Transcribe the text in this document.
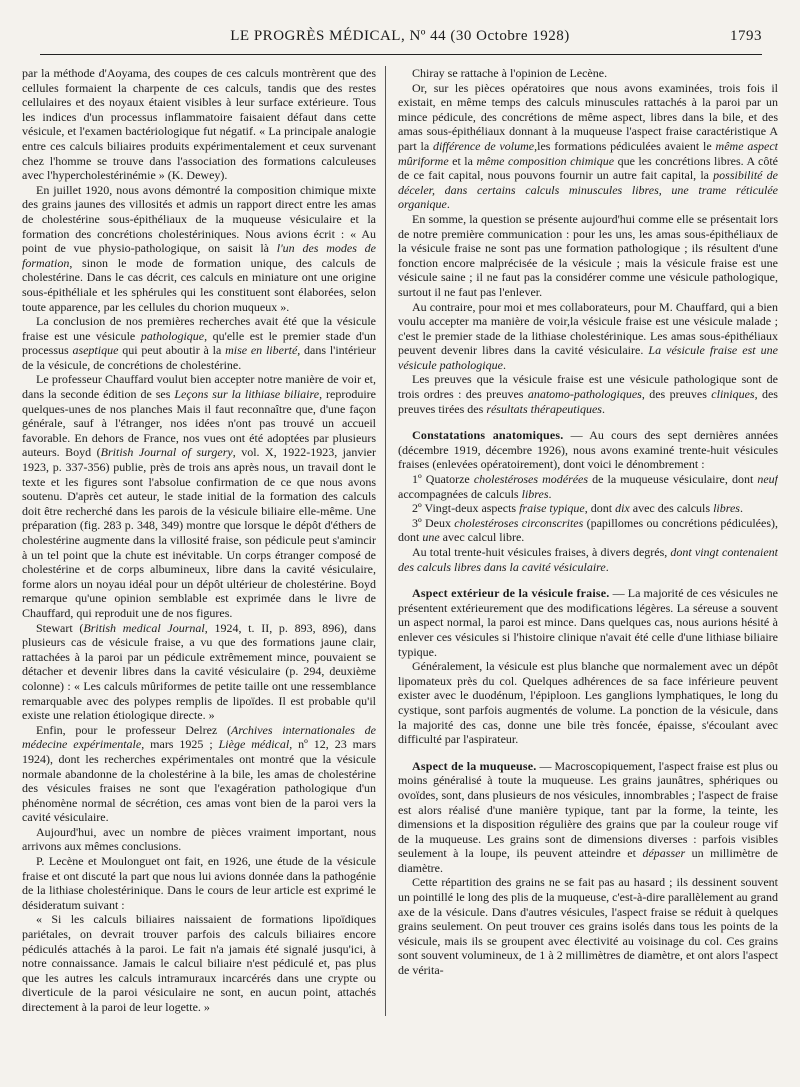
LE PROGRÈS MÉDICAL, Nº 44 (30 Octobre 1928)	1793

par la méthode d'Aoyama, des coupes de ces calculs montrèrent que des cellules formaient la charpente de ces calculs, tandis que des restes cellulaires et des noyaux étaient visibles à leur surface extérieure. Tous les indices d'un processus inflammatoire faisaient défaut dans cette vésicule, et l'examen bactériologique fut négatif. « La principale analogie entre ces calculs biliaires produits expérimentalement et ceux survenant chez l'homme se trouve dans l'association des formations calculeuses avec l'hypercholestérinémie » (K. Dewey).

En juillet 1920, nous avons démontré la composition chimique mixte des grains jaunes des villosités et admis un rapport direct entre les amas de cholestérine sous-épithéliaux de la muqueuse vésiculaire et la formation des concrétions cholestériniques. Nous avions écrit : « Au point de vue physio-pathologique, on saisit là l'un des modes de formation, sinon le mode de formation unique, des calculs de cholestérine. Dans le cas décrit, ces calculs en miniature ont une origine sous-épithéliale et les sphérules qui les constituent sont élaborées, selon toute apparence, par les cellules du chorion muqueux ».

La conclusion de nos premières recherches avait été que la vésicule fraise est une vésicule pathologique, qu'elle est le premier stade d'un processus aseptique qui peut aboutir à la mise en liberté, dans l'intérieur de la vésicule, de concrétions de cholestérine.

Le professeur Chauffard voulut bien accepter notre manière de voir et, dans la seconde édition de ses Leçons sur la lithiase biliaire, reproduire quelques-unes de nos planches Mais il faut reconnaître que, d'une façon générale, sauf à l'étranger, nos idées n'ont pas trouvé un accueil favorable. En dehors de France, nos vues ont été adoptées par plusieurs auteurs. Boyd (British Journal of surgery, vol. X, 1922-1923, janvier 1923, p. 337-356) publie, près de trois ans après nous, un travail dont le texte et les figures sont l'absolue confirmation de ce que nous avons soutenu. D'après cet auteur, le stade initial de la formation des calculs doit être recherché dans les parois de la vésicule biliaire elle-même. Une préparation (fig. 283 p. 348, 349) montre que lorsque le dépôt d'éthers de cholestérine augmente dans la villosité fraise, son pédicule peut s'amincir à un tel point que la chute est inévitable. Un corps étranger composé de cholestérine et de corps albumineux, libre dans la cavité vésiculaire, forme alors un noyau idéal pour un dépôt ultérieur de cholestérine. Boyd remarque qu'une opinion semblable est exprimée dans le livre de Chauffard, qui reproduit une de nos figures.

Stewart (British medical Journal, 1924, t. II, p. 893, 896), dans plusieurs cas de vésicule fraise, a vu que des formations jaune clair, rattachées à la paroi par un pédicule extrêmement mince, pouvaient se détacher et devenir libres dans la cavité vésiculaire (p. 294, deuxième colonne) : « Les calculs mûriformes de petite taille ont une ressemblance remarquable avec des polypes remplis de lipoïdes. Il est probable qu'il existe une relation étiologique directe. »

Enfin, pour le professeur Delrez (Archives internationales de médecine expérimentale, mars 1925 ; Liège médical, nº 12, 23 mars 1924), dont les recherches expérimentales ont montré que la vésicule normale abandonne de la cholestérine à la bile, les amas de cholestérine des vésicules fraises ne sont que l'exagération pathologique d'un phénomène normal de sécrétion, ces amas vont bien de la paroi vers la cavité vésiculaire.

Aujourd'hui, avec un nombre de pièces vraiment important, nous arrivons aux mêmes conclusions.

P. Lecène et Moulonguet ont fait, en 1926, une étude de la vésicule fraise et ont discuté la part que nous lui avions donnée dans la pathogénie de la lithiase cholestérinique. Dans le cours de leur article est exprimé le désideratum suivant :

« Si les calculs biliaires naissaient de formations lipoïdiques pariétales, on devrait trouver parfois des calculs biliaires encore pédiculés attachés à la paroi. Le fait n'a jamais été signalé jusqu'ici, à notre connaissance. Jamais le calcul biliaire n'est pédiculé et, pas plus que les autres les calculs intramuraux incarcérés dans une crypte ou diverticule de la paroi vésiculaire ne sont, en aucun point, attachés directement à la paroi de leur logette. »

Chiray se rattache à l'opinion de Lecène.

Or, sur les pièces opératoires que nous avons examinées, trois fois il existait, en même temps des calculs minuscules rattachés à la paroi par un mince pédicule, des concrétions de même aspect, libres dans la bile, et des amas sous-épithéliaux donnant à la muqueuse l'aspect fraise caractéristique A part la différence de volume,les formations pédiculées avaient le même aspect mûriforme et la même composition chimique que les concrétions libres. A côté de ce fait capital, nous pouvons fournir un autre fait capital, la possibilité de déceler, dans certains calculs minuscules libres, une trame réticulée organique.

En somme, la question se présente aujourd'hui comme elle se présentait lors de notre première communication : pour les uns, les amas sous-épithéliaux de la vésicule fraise ne sont pas une formation pathologique ; ils résultent d'une fonction encore malprécisée de la vésicule ; mais la vésicule fraise est une vésicule saine ; il ne faut pas la considérer comme une vésicule pathologique, surtout il ne faut pas l'enlever.

Au contraire, pour moi et mes collaborateurs, pour M. Chauffard, qui a bien voulu accepter ma manière de voir,la vésicule fraise est une vésicule malade ; c'est le premier stade de la lithiase cholestérinique. Les amas sous-épithéliaux peuvent devenir libres dans la cavité vésiculaire. La vésicule fraise est une vésicule pathologique.

Les preuves que la vésicule fraise est une vésicule pathologique sont de trois ordres : des preuves anatomo-pathologiques, des preuves cliniques, des preuves tirées des résultats thérapeutiques.

Constatations anatomiques. — Au cours des sept dernières années (décembre 1919, décembre 1926), nous avons examiné trente-huit vésicules fraises (enlevées opératoirement), dont voici le dénombrement :

1º Quatorze cholestéroses modérées de la muqueuse vésiculaire, dont neuf accompagnées de calculs libres.

2º Vingt-deux aspects fraise typique, dont dix avec des calculs libres.

3º Deux cholestéroses circonscrites (papillomes ou concrétions pédiculées), dont une avec calcul libre.

Au total trente-huit vésicules fraises, à divers degrés, dont vingt contenaient des calculs libres dans la cavité vésiculaire.

Aspect extérieur de la vésicule fraise. — La majorité de ces vésicules ne présentent extérieurement que des modifications légères. La séreuse a souvent un aspect normal, la paroi est mince. Dans quelques cas, nous aurions hésité à enlever ces vésicules si l'histoire clinique n'avait été celle d'une lithiase biliaire typique.

Généralement, la vésicule est plus blanche que normalement avec un dépôt lipomateux près du col. Quelques adhérences de sa face inférieure peuvent exister avec le duodénum, l'épiploon. Les ganglions lymphatiques, le long du cystique, sont parfois augmentés de volume. La ponction de la vésicule, dans la majorité des cas, donne une bile très foncée, épaisse, s'écoulant avec difficulté par l'aspirateur.

Aspect de la muqueuse. — Macroscopiquement, l'aspect fraise est plus ou moins généralisé à toute la muqueuse. Les grains jaunâtres, sphériques ou ovoïdes, sont, dans plusieurs de nos vésicules, innombrables ; l'aspect de fraise est alors réalisé d'une manière typique, tant par la forme, la teinte, les dimensions et la disposition régulière des grains que par la couleur rouge vif de la muqueuse. Les grains sont de dimensions diverses : parfois visibles seulement à la loupe, ils peuvent atteindre et dépasser un millimètre de diamètre.

Cette répartition des grains ne se fait pas au hasard ; ils dessinent souvent un pointillé le long des plis de la muqueuse, c'est-à-dire parallèlement au grand axe de la vésicule. Dans d'autres vésicules, l'aspect fraise se réduit à quelques grains seulement. On peut trouver ces grains isolés dans tous les points de la vésicule, mais ils se groupent avec électivité au voisinage du col. Ces grains sont souvent volumineux, de 1 à 2 millimètres de diamètre, et ont alors l'aspect de vérita-
